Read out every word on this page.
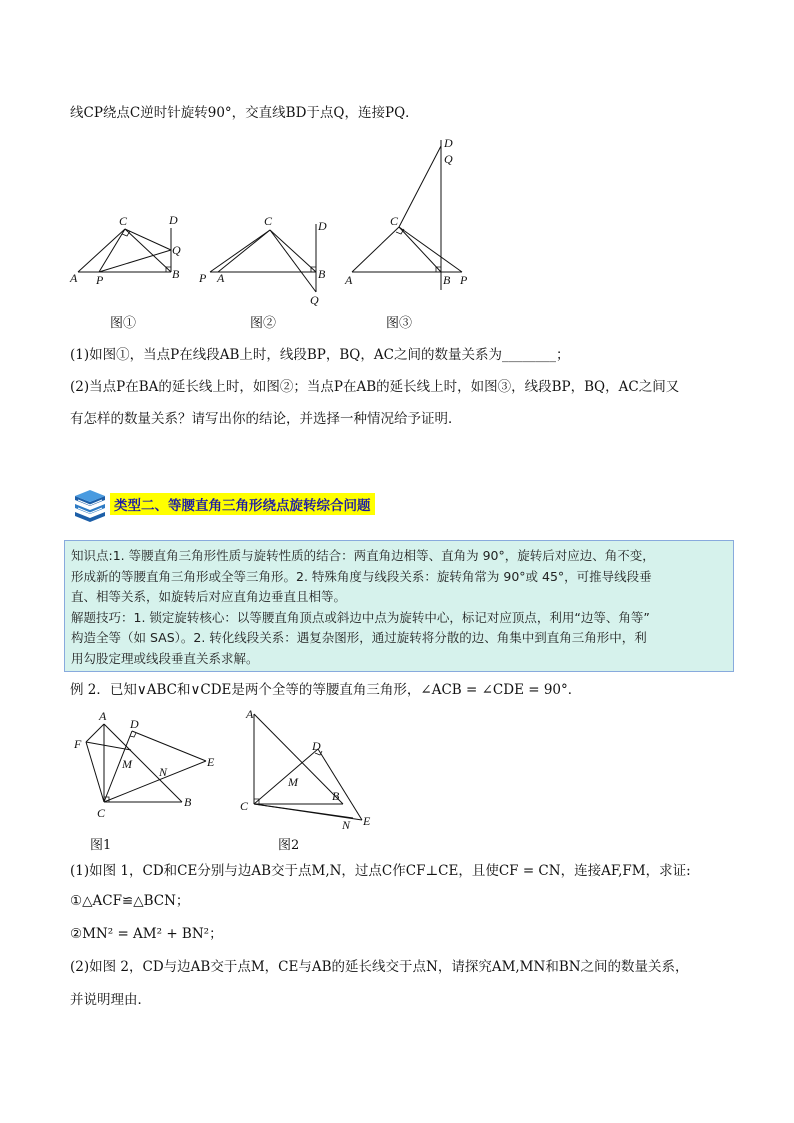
线CP绕点C逆时针旋转90°，交直线BD于点Q，连接PQ．
C	D
Q
B
A P
图①
C	D
B
Q
P A
图②
D
Q
C
A	B P
图③
(1)如图①，当点P在线段AB上时，线段BP，BQ，AC之间的数量关系为________；
(2)当点P在BA的延长线上时，如图②；当点P在AB的延长线上时，如图③，线段BP，BQ，AC之间又
有怎样的数量关系？请写出你的结论，并选择一种情况给予证明．
类型二、等腰直角三角形绕点旋转综合问题

知识点:1. 等腰直角三角形性质与旋转性质的结合：两直角边相等、直角为 90°，旋转后对应边、角不变，

形成新的等腰直角三角形或全等三角形。2. 特殊角度与线段关系：旋转角常为 90°或 45°，可推导线段垂

直、相等关系，如旋转后对应直角边垂直且相等。

解题技巧：1. 锁定旋转核心：以等腰直角顶点或斜边中点为旋转中心，标记对应顶点，利用“边等、角等”

构造全等（如 SAS）。2. 转化线段关系：遇复杂图形，通过旋转将分散的边、角集中到直角三角形中，利

用勾股定理或线段垂直关系求解。

例 2．已知∨ABC和∨CDE是两个全等的等腰直角三角形，∠ACB = ∠CDE = 90°．
A
D
F
M
N
E
C
B
图1
A
D
M
C
B
N E
图2
(1)如图 1，CD和CE分别与边AB交于点M,N，过点C作CF⊥CE，且使CF = CN，连接AF,FM，求证:
①△ACF≌△BCN；
②MN² = AM² + BN²；
(2)如图 2，CD与边AB交于点M，CE与AB的延长线交于点N，请探究AM,MN和BN之间的数量关系，
并说明理由．
